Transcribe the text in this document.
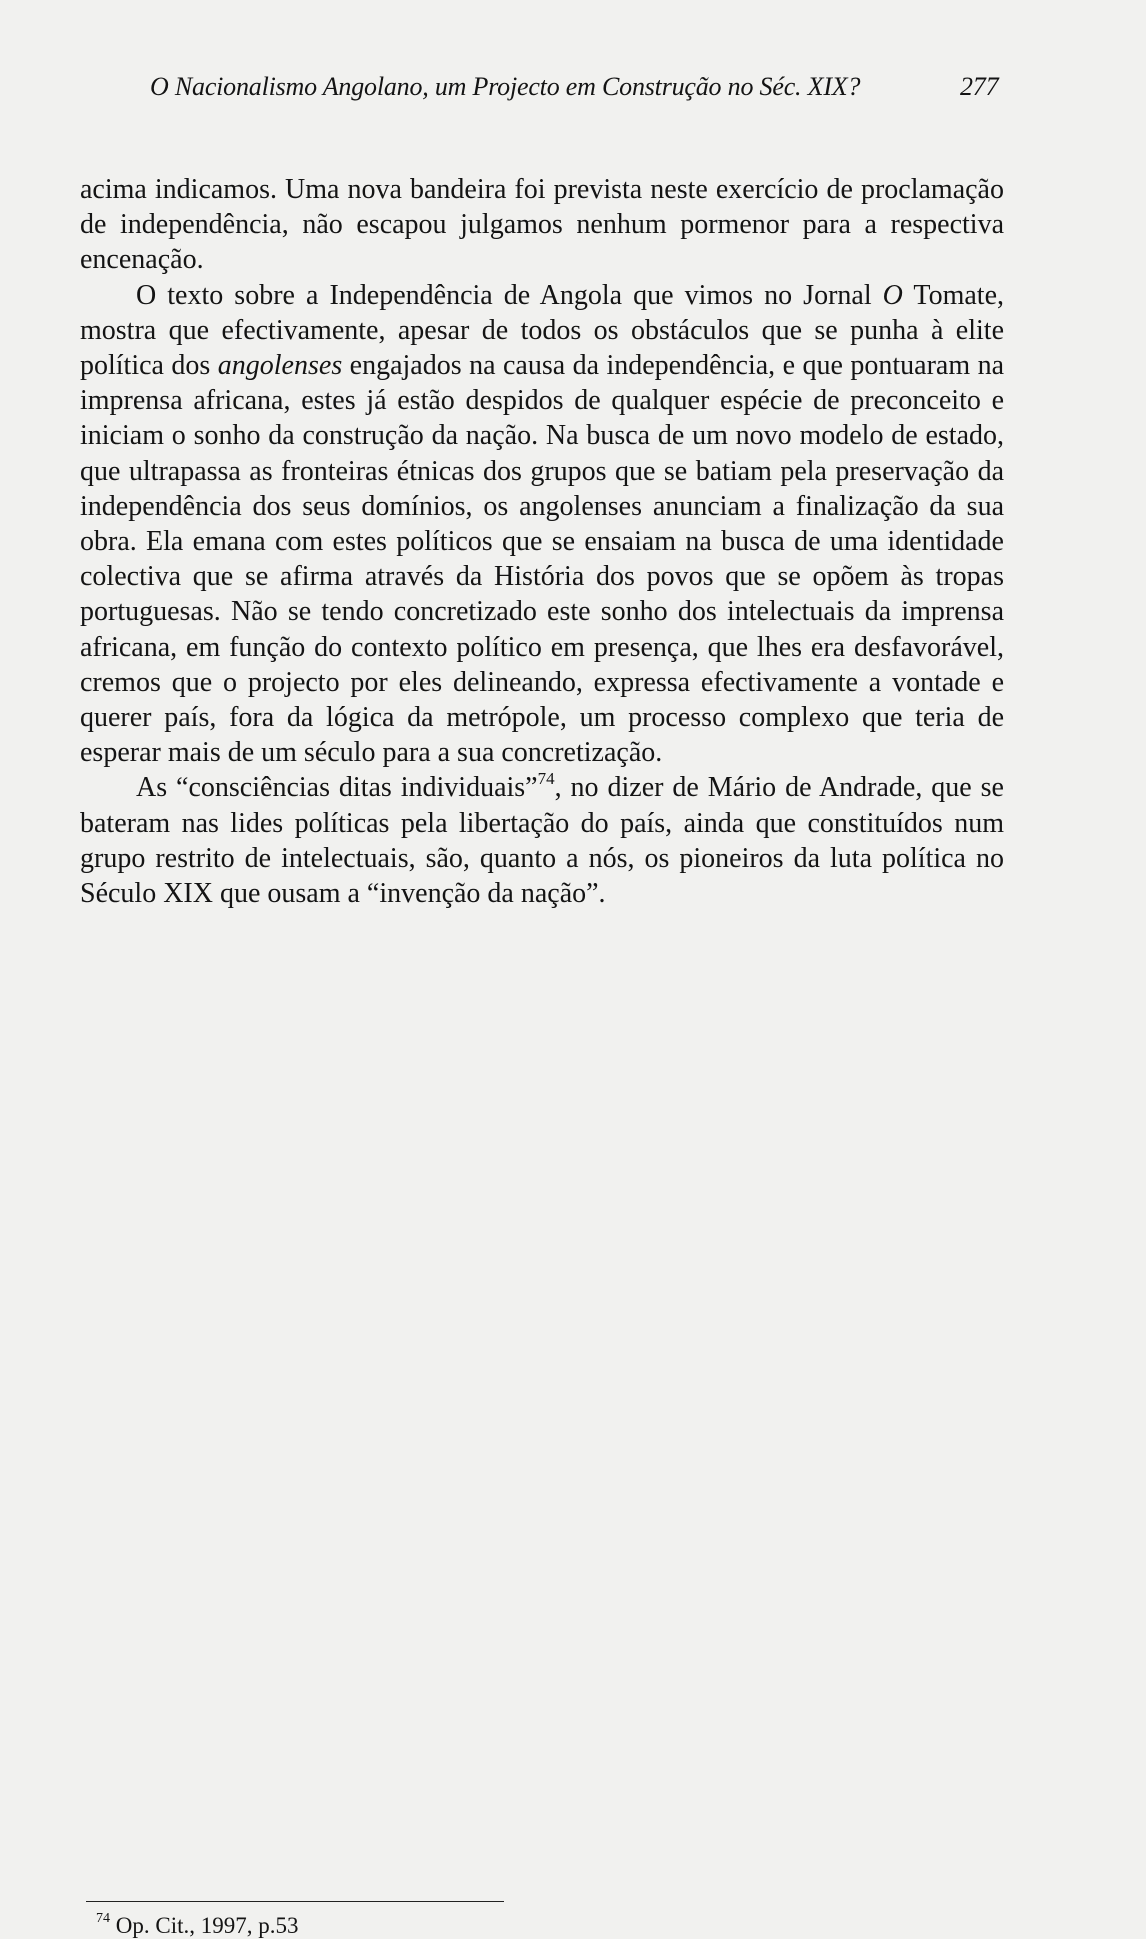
O Nacionalismo Angolano, um Projecto em Construção no Séc. XIX?	277

acima indicamos. Uma nova bandeira foi prevista neste exercício de proclamação de independência, não escapou julgamos nenhum pormenor para a respectiva encenação.

O texto sobre a Independência de Angola que vimos no Jornal O Tomate, mostra que efectivamente, apesar de todos os obstáculos que se punha à elite política dos angolenses engajados na causa da independência, e que pontuaram na imprensa africana, estes já estão despidos de qualquer espécie de preconceito e iniciam o sonho da construção da nação. Na busca de um novo modelo de estado, que ultrapassa as fronteiras étnicas dos grupos que se batiam pela preservação da independência dos seus domínios, os angolenses anunciam a finalização da sua obra. Ela emana com estes políticos que se ensaiam na busca de uma identidade colectiva que se afirma através da História dos povos que se opõem às tropas portuguesas. Não se tendo concretizado este sonho dos intelectuais da imprensa africana, em função do contexto político em presença, que lhes era desfavorável, cremos que o projecto por eles delineando, expressa efectivamente a vontade e querer país, fora da lógica da metrópole, um processo complexo que teria de esperar mais de um século para a sua concretização.

As “consciências ditas individuais”$^{74}$, no dizer de Mário de Andrade, que se bateram nas lides políticas pela libertação do país, ainda que constituídos num grupo restrito de intelectuais, são, quanto a nós, os pioneiros da luta política no Século XIX que ousam a “invenção da nação”.

$^{74}$ Op. Cit., 1997, p.53
